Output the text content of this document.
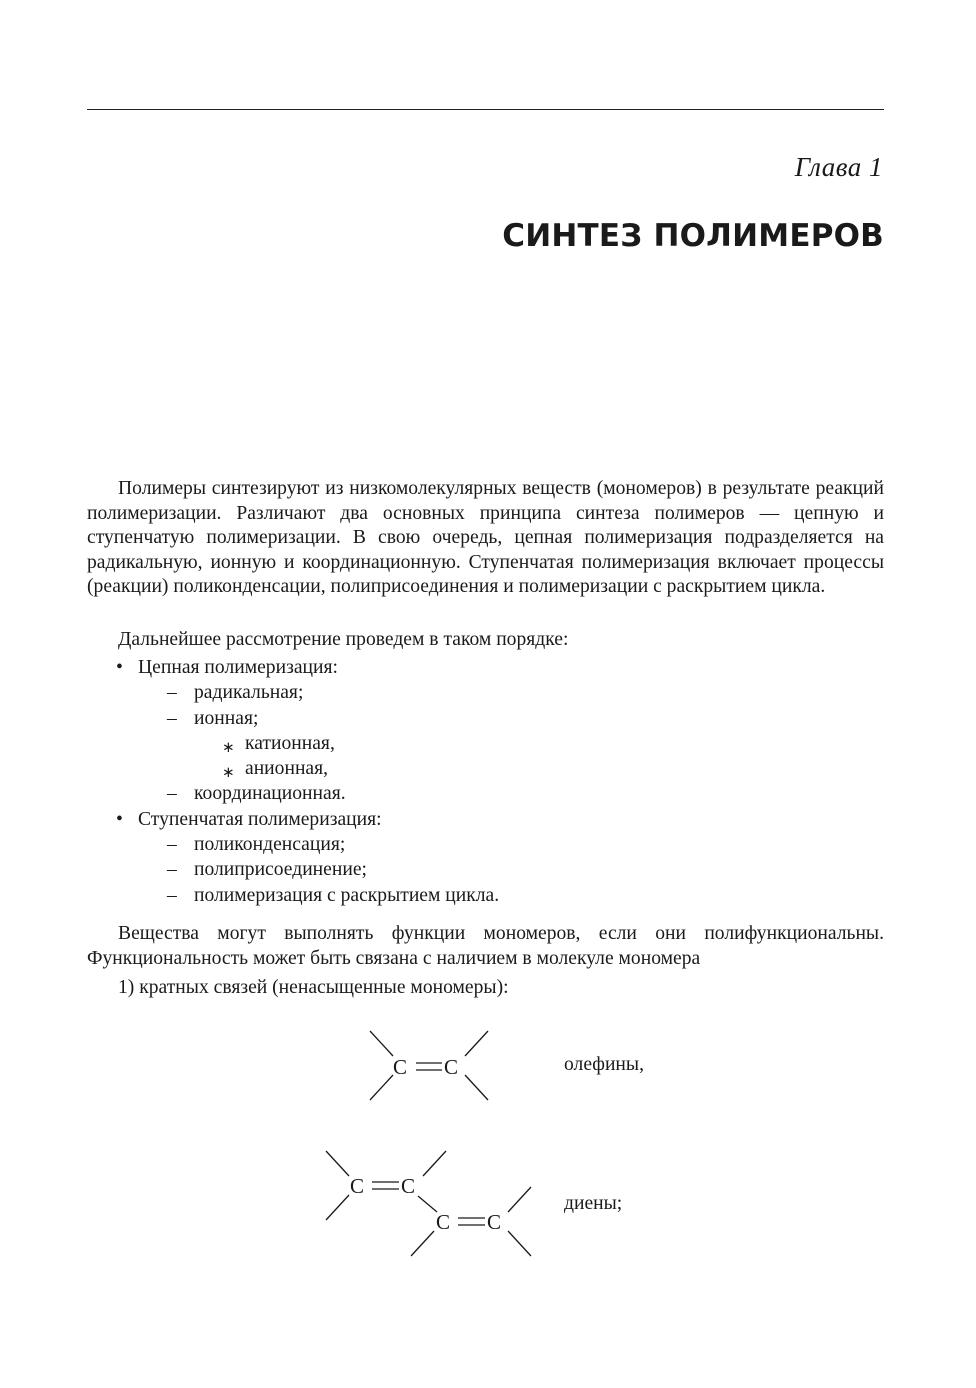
Глава 1
СИНТЕЗ ПОЛИМЕРОВ

Полимеры синтезируют из низкомолекулярных веществ (мономеров) в результате реакций полимеризации. Различают два основных принципа синтеза полимеров — цепную и ступенчатую полимеризации. В свою очередь, цепная полимеризация подразделяется на радикальную, ионную и координационную. Ступенчатая полимеризация включает процессы (реакции) поликонденсации, полиприсоединения и полимеризации с раскрытием цикла.

Дальнейшее рассмотрение проведем в таком порядке:

• Цепная полимеризация:
– радикальная;
– ионная;
∗ катионная,
∗ анионная,
– координационная.
• Ступенчатая полимеризация:
– поликонденсация;
– полиприсоединение;
– полимеризация с раскрытием цикла.

Вещества могут выполнять функции мономеров, если они полифункциональны. Функциональность может быть связана с наличием в молекуле мономера

1) кратных связей (ненасыщенные мономеры):

C C
C C
C C
олефины,
диены;
